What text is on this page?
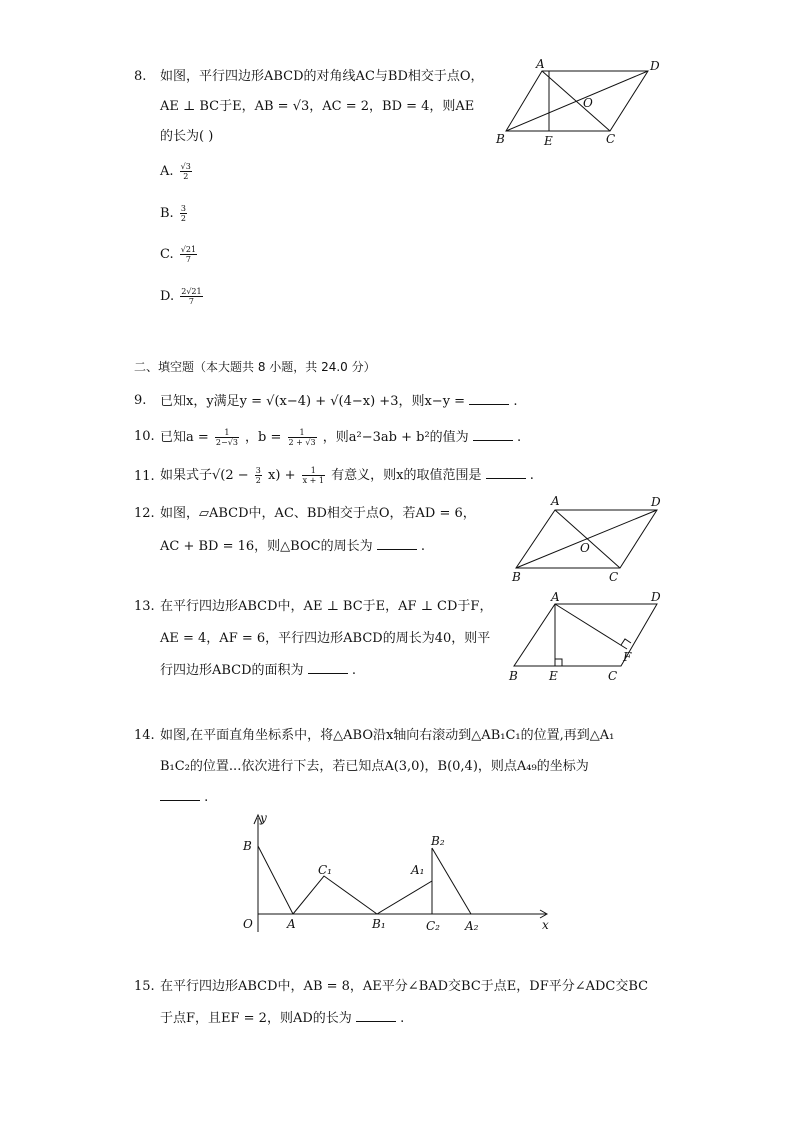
8. 如图，平行四边形ABCD的对角线AC与BD相交于点O，
AE ⊥ BC于E，AB = √3，AC = 2，BD = 4，则AE
的长为( )
A. $\frac{√3}{2}$
B. $\frac{3}{2}$
C. $\frac{√21}{7}$
D. $\frac{2√21}{7}$
A	D
O
B	E	C
二、填空题（本大题共 8 小题，共 24.0 分）
9. 已知x，y满足y = √(x−4) + √(4−x) +3，则x−y =	.
10. 已知$a = \frac{1}{2-√3}$ ，$b = \frac{1}{2 + √3}$ ，则a²−3ab + b²的值为	.
11. 如果式子$√(2 - \frac{3}{2} x) + \frac{1}{x + 1}$ 有意义，则x的取值范围是	.
12. 如图，▱ABCD中，AC、BD相交于点O，若AD = 6，
AC + BD = 16，则△BOC的周长为	.
A	D
O
B	C
13. 在平行四边形ABCD中，AE ⊥ BC于E，AF ⊥ CD于F，
AE = 4，AF = 6，平行四边形ABCD的周长为40，则平
行四边形ABCD的面积为	.
A	D
F
B	E	C
14. 如图,在平面直角坐标系中，将△ABO沿x轴向右滚动到△AB₁C₁的位置,再到△A₁
B₁C₂的位置...依次进行下去，若已知点A(3,0)，B(0,4)，则点A₄₉的坐标为
.
y
B
C₁	A₁
B₂
O	A	B₁	C₂ A₂	x
15. 在平行四边形ABCD中，AB = 8，AE平分∠BAD交BC于点E，DF平分∠ADC交BC
于点F，且EF = 2，则AD的长为	.
